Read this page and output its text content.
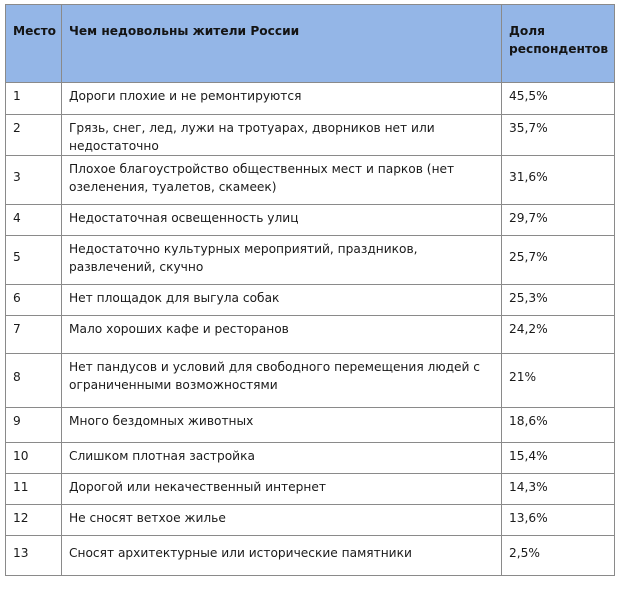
Место	Чем недовольны жители России	Доля респондентов
1	Дороги плохие и не ремонтируются	45,5%
2	Грязь, снег, лед, лужи на тротуарах, дворников нет или недостаточно	35,7%
3	Плохое благоустройство общественных мест и парков (нет озеленения, туалетов, скамеек)	31,6%
4	Недостаточная освещенность улиц	29,7%
5	Недостаточно культурных мероприятий, праздников, развлечений, скучно	25,7%
6	Нет площадок для выгула собак	25,3%
7	Мало хороших кафе и ресторанов	24,2%
8	Нет пандусов и условий для свободного перемещения людей с ограниченными возможностями	21%
9	Много бездомных животных	18,6%
10	Слишком плотная застройка	15,4%
11	Дорогой или некачественный интернет	14,3%
12	Не сносят ветхое жилье	13,6%
13	Сносят архитектурные или исторические памятники	2,5%
